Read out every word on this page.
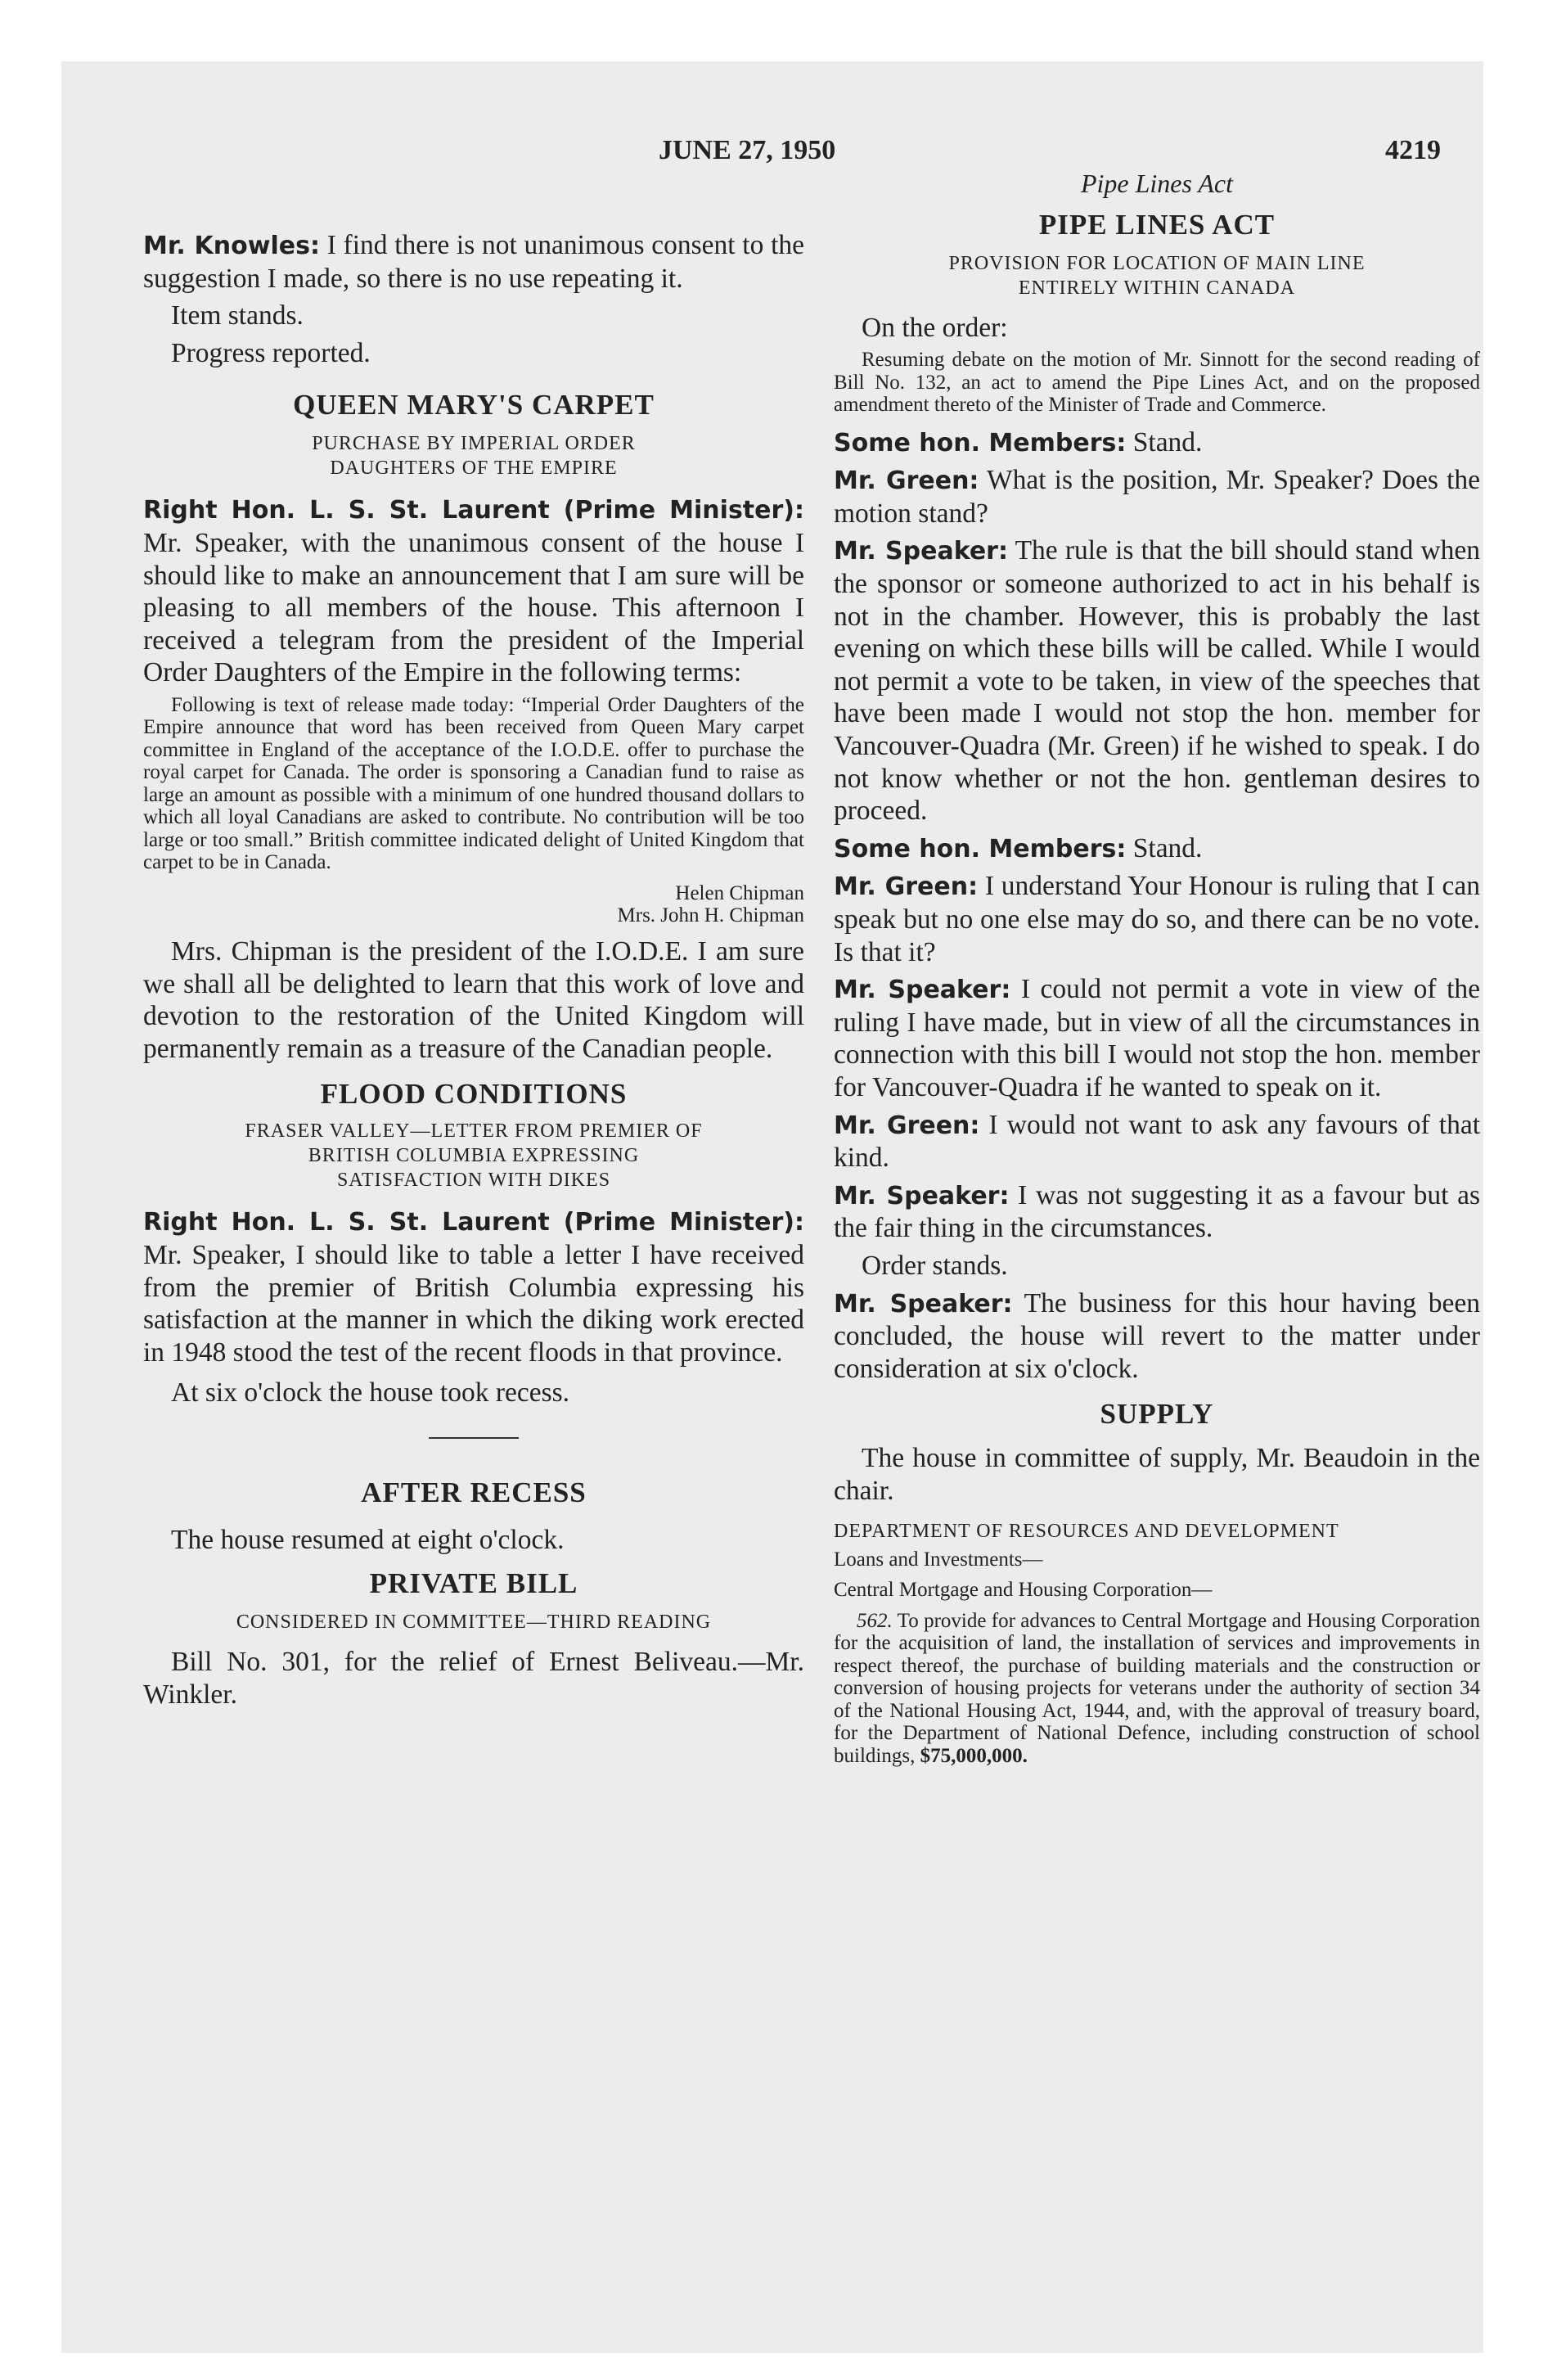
JUNE 27, 1950	4219

Mr. Knowles: I find there is not unanimous consent to the suggestion I made, so there is no use repeating it.

Item stands.

Progress reported.

QUEEN MARY'S CARPET

PURCHASE BY IMPERIAL ORDER

DAUGHTERS OF THE EMPIRE

Right Hon. L. S. St. Laurent (Prime Minister): Mr. Speaker, with the unanimous consent of the house I should like to make an announcement that I am sure will be pleasing to all members of the house. This afternoon I received a telegram from the president of the Imperial Order Daughters of the Empire in the following terms:

Following is text of release made today: “Imperial Order Daughters of the Empire announce that word has been received from Queen Mary carpet committee in England of the acceptance of the I.O.D.E. offer to purchase the royal carpet for Canada. The order is sponsoring a Canadian fund to raise as large an amount as possible with a minimum of one hundred thousand dollars to which all loyal Canadians are asked to contribute. No contribution will be too large or too small.” British committee indicated delight of United Kingdom that carpet to be in Canada.

Helen Chipman

Mrs. John H. Chipman

Mrs. Chipman is the president of the I.O.D.E. I am sure we shall all be delighted to learn that this work of love and devotion to the restoration of the United Kingdom will permanently remain as a treasure of the Canadian people.

FLOOD CONDITIONS

FRASER VALLEY—LETTER FROM PREMIER OF

BRITISH COLUMBIA EXPRESSING

SATISFACTION WITH DIKES

Right Hon. L. S. St. Laurent (Prime Minister): Mr. Speaker, I should like to table a letter I have received from the premier of British Columbia expressing his satisfaction at the manner in which the diking work erected in 1948 stood the test of the recent floods in that province.

At six o'clock the house took recess.

AFTER RECESS

The house resumed at eight o'clock.

PRIVATE BILL

CONSIDERED IN COMMITTEE—THIRD READING

Bill No. 301, for the relief of Ernest Beliveau.—Mr. Winkler.

Pipe Lines Act

PIPE LINES ACT

PROVISION FOR LOCATION OF MAIN LINE

ENTIRELY WITHIN CANADA

On the order:

Resuming debate on the motion of Mr. Sinnott for the second reading of Bill No. 132, an act to amend the Pipe Lines Act, and on the proposed amendment thereto of the Minister of Trade and Commerce.

Some hon. Members: Stand.

Mr. Green: What is the position, Mr. Speaker? Does the motion stand?

Mr. Speaker: The rule is that the bill should stand when the sponsor or someone authorized to act in his behalf is not in the chamber. However, this is probably the last evening on which these bills will be called. While I would not permit a vote to be taken, in view of the speeches that have been made I would not stop the hon. member for Vancouver-Quadra (Mr. Green) if he wished to speak. I do not know whether or not the hon. gentleman desires to proceed.

Some hon. Members: Stand.

Mr. Green: I understand Your Honour is ruling that I can speak but no one else may do so, and there can be no vote. Is that it?

Mr. Speaker: I could not permit a vote in view of the ruling I have made, but in view of all the circumstances in connection with this bill I would not stop the hon. member for Vancouver-Quadra if he wanted to speak on it.

Mr. Green: I would not want to ask any favours of that kind.

Mr. Speaker: I was not suggesting it as a favour but as the fair thing in the circumstances.

Order stands.

Mr. Speaker: The business for this hour having been concluded, the house will revert to the matter under consideration at six o'clock.

SUPPLY

The house in committee of supply, Mr. Beaudoin in the chair.

DEPARTMENT OF RESOURCES AND DEVELOPMENT

Loans and Investments—

Central Mortgage and Housing Corporation—

562. To provide for advances to Central Mortgage and Housing Corporation for the acquisition of land, the installation of services and improvements in respect thereof, the purchase of building materials and the construction or conversion of housing projects for veterans under the authority of section 34 of the National Housing Act, 1944, and, with the approval of treasury board, for the Department of National Defence, including construction of school buildings, $75,000,000.
